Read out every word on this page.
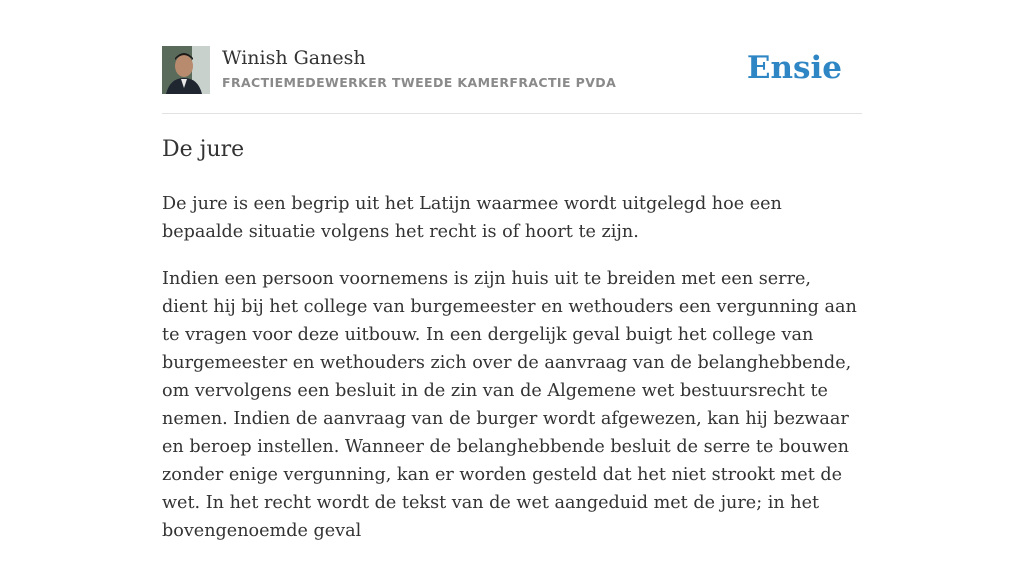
Winish Ganesh
FRACTIEMEDEWERKER TWEEDE KAMERFRACTIE PVDA	Ensie
De jure

De jure is een begrip uit het Latijn waarmee wordt uitgelegd hoe een bepaalde situatie volgens het recht is of hoort te zijn.

Indien een persoon voornemens is zijn huis uit te breiden met een serre, dient hij bij het college van burgemeester en wethouders een vergunning aan te vragen voor deze uitbouw. In een dergelijk geval buigt het college van burgemeester en wethouders zich over de aanvraag van de belanghebbende, om vervolgens een besluit in de zin van de Algemene wet bestuursrecht te nemen. Indien de aanvraag van de burger wordt afgewezen, kan hij bezwaar en beroep instellen. Wanneer de belanghebbende besluit de serre te bouwen zonder enige vergunning, kan er worden gesteld dat het niet strookt met de wet. In het recht wordt de tekst van de wet aangeduid met de jure; in het bovengenoemde geval
